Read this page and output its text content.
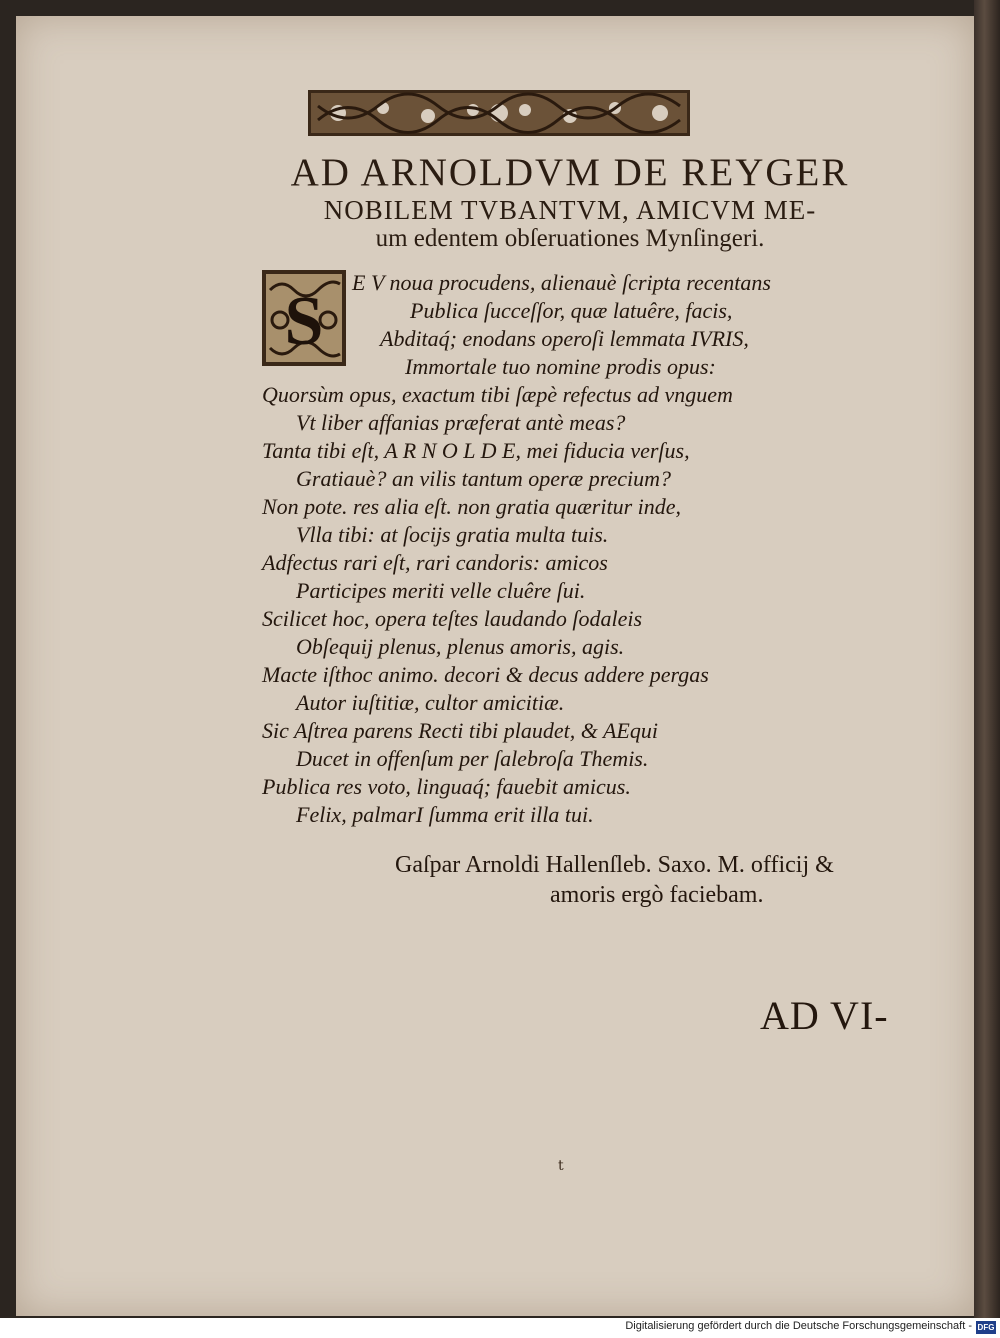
AD ARNOLDVM DE REYGER
NOBILEM TVBANTVM, AMICVM ME-
um edentem obſeruationes Mynſingeri.
S
E V noua procudens, alienauè ſcripta recentans
Publica ſucceſſor, quæ latuêre, facis,
Abditaq́; enodans operoſi lemmata IVRIS,
Immortale tuo nomine prodis opus:
Quorsùm opus, exactum tibi ſæpè refectus ad vnguem
Vt liber affanias præferat antè meas?
Tanta tibi eſt, A R N O L D E, mei fiducia verſus,
Gratiauè? an vilis tantum operæ precium?
Non pote. res alia eſt. non gratia quæritur inde,
Vlla tibi: at ſocijs gratia multa tuis.
Adfectus rari eſt, rari candoris: amicos
Participes meriti velle cluêre ſui.
Scilicet hoc, opera teſtes laudando ſodaleis
Obſequij plenus, plenus amoris, agis.
Macte iſthoc animo. decori & decus addere pergas
Autor iuſtitiæ, cultor amicitiæ.
Sic Aſtrea parens Recti tibi plaudet, & AEqui
Ducet in offenſum per ſalebroſa Themis.
Publica res voto, linguaq́; fauebit amicus.
Felix, palmarI ſumma erit illa tui.
Gaſpar Arnoldi Hallenſleb. Saxo. M. officij &
amoris ergò faciebam.
AD VI-
t
Digitalisierung gefördert durch die Deutsche Forschungsgemeinschaft - DFG
